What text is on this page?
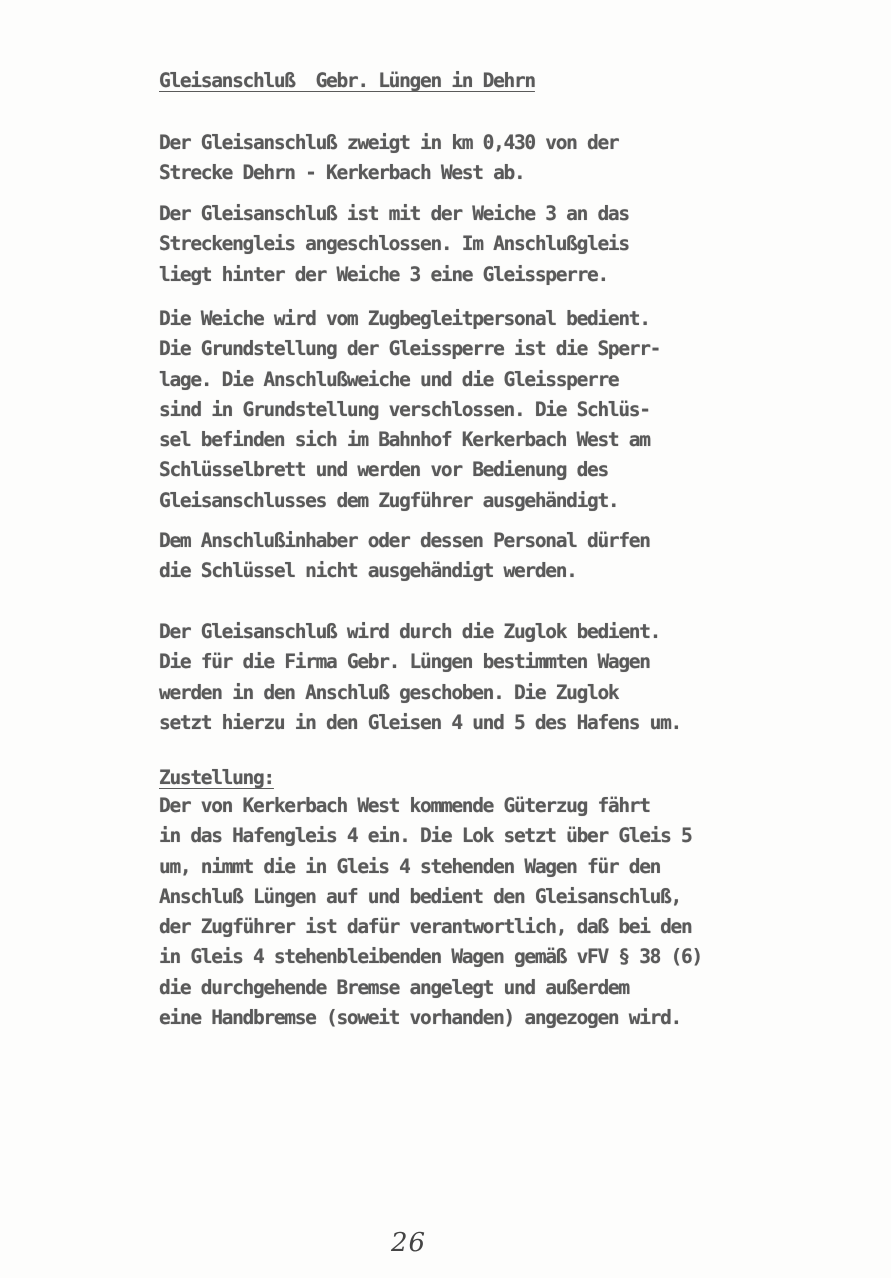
Gleisanschluß  Gebr. Lüngen in Dehrn
Der Gleisanschluß zweigt in km 0,430 von der
Strecke Dehrn - Kerkerbach West ab.
Der Gleisanschluß ist mit der Weiche 3 an das
Streckengleis angeschlossen. Im Anschlußgleis
liegt hinter der Weiche 3 eine Gleissperre.
Die Weiche wird vom Zugbegleitpersonal bedient.
Die Grundstellung der Gleissperre ist die Sperr-
lage. Die Anschlußweiche und die Gleissperre
sind in Grundstellung verschlossen. Die Schlüs-
sel befinden sich im Bahnhof Kerkerbach West am
Schlüsselbrett und werden vor Bedienung des
Gleisanschlusses dem Zugführer ausgehändigt.
Dem Anschlußinhaber oder dessen Personal dürfen
die Schlüssel nicht ausgehändigt werden.
Der Gleisanschluß wird durch die Zuglok bedient.
Die für die Firma Gebr. Lüngen bestimmten Wagen
werden in den Anschluß geschoben. Die Zuglok
setzt hierzu in den Gleisen 4 und 5 des Hafens um.
Zustellung:
Der von Kerkerbach West kommende Güterzug fährt
in das Hafengleis 4 ein. Die Lok setzt über Gleis 5
um, nimmt die in Gleis 4 stehenden Wagen für den
Anschluß Lüngen auf und bedient den Gleisanschluß,
der Zugführer ist dafür verantwortlich, daß bei den
in Gleis 4 stehenbleibenden Wagen gemäß vFV § 38 (6)
die durchgehende Bremse angelegt und außerdem
eine Handbremse (soweit vorhanden) angezogen wird.
26
